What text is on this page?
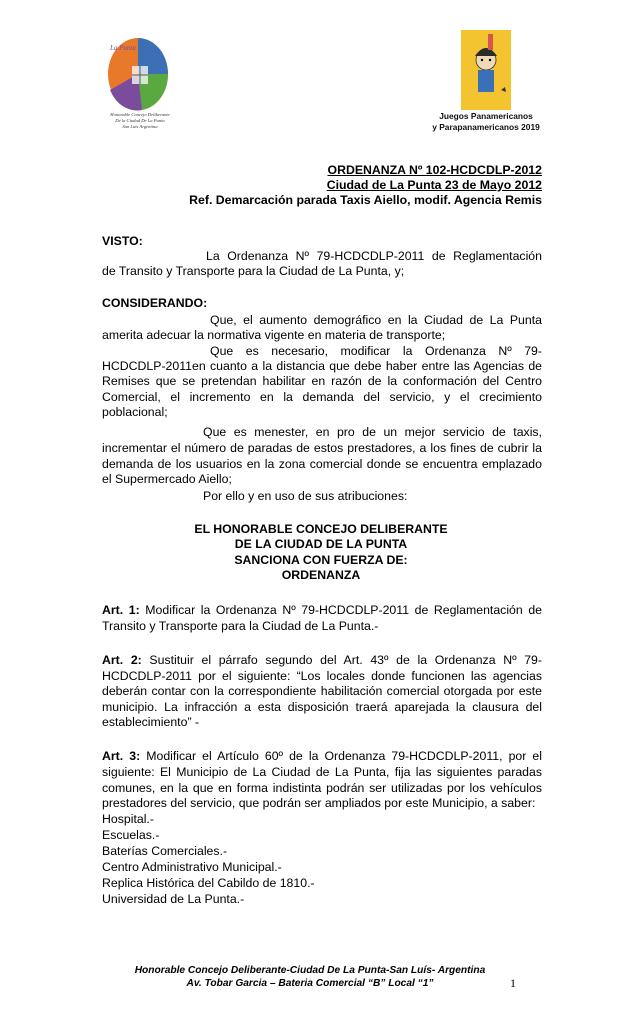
La Punta
Honorable Concejo Deliberante
De la Ciudad De La Punta
San Luis Argentina
Juegos Panamericanos
y Parapanamericanos 2019
ORDENANZA Nº 102-HCDCDLP-2012
Ciudad de La Punta 23 de Mayo 2012
Ref. Demarcación parada Taxis Aiello, modif. Agencia Remis
VISTO:
La Ordenanza Nº 79-HCDCDLP-2011 de Reglamentación
de Transito y Transporte para la Ciudad de La Punta, y;
CONSIDERANDO:
Que, el aumento demográfico en la Ciudad de La Punta
amerita adecuar la normativa vigente en materia de transporte;
Que es necesario, modificar la Ordenanza Nº 79-
HCDCDLP-2011en cuanto a la distancia que debe haber entre las Agencias de
Remises que se pretendan habilitar en razón de la conformación del Centro
Comercial, el incremento en la demanda del servicio, y el crecimiento
poblacional;
Que es menester, en pro de un mejor servicio de taxis,
incrementar el número de paradas de estos prestadores, a los fines de cubrir la
demanda de los usuarios en la zona comercial donde se encuentra emplazado
el Supermercado Aiello;
Por ello y en uso de sus atribuciones:
EL HONORABLE CONCEJO DELIBERANTE
DE LA CIUDAD DE LA PUNTA
SANCIONA CON FUERZA DE:
ORDENANZA
Art. 1: Modificar la Ordenanza Nº 79-HCDCDLP-2011 de Reglamentación de
Transito y Transporte para la Ciudad de La Punta.-
Art. 2: Sustituir el párrafo segundo del Art. 43º de la Ordenanza Nº 79-
HCDCDLP-2011 por el siguiente: “Los locales donde funcionen las agencias
deberán contar con la correspondiente habilitación comercial otorgada por este
municipio. La infracción a esta disposición traerá aparejada la clausura del
establecimiento” -
Art. 3: Modificar el Artículo 60º de la Ordenanza 79-HCDCDLP-2011, por el
siguiente: El Municipio de La Ciudad de La Punta, fija las siguientes paradas
comunes, en la que en forma indistinta podrán ser utilizadas por los vehículos
prestadores del servicio, que podrán ser ampliados por este Municipio, a saber:
Hospital.-
Escuelas.-
Baterías Comerciales.-
Centro Administrativo Municipal.-
Replica Histórica del Cabildo de 1810.-
Universidad de La Punta.-
Honorable Concejo Deliberante-Ciudad De La Punta-San Luís- Argentina
Av. Tobar Garcia – Bateria Comercial “B” Local “1”	1
